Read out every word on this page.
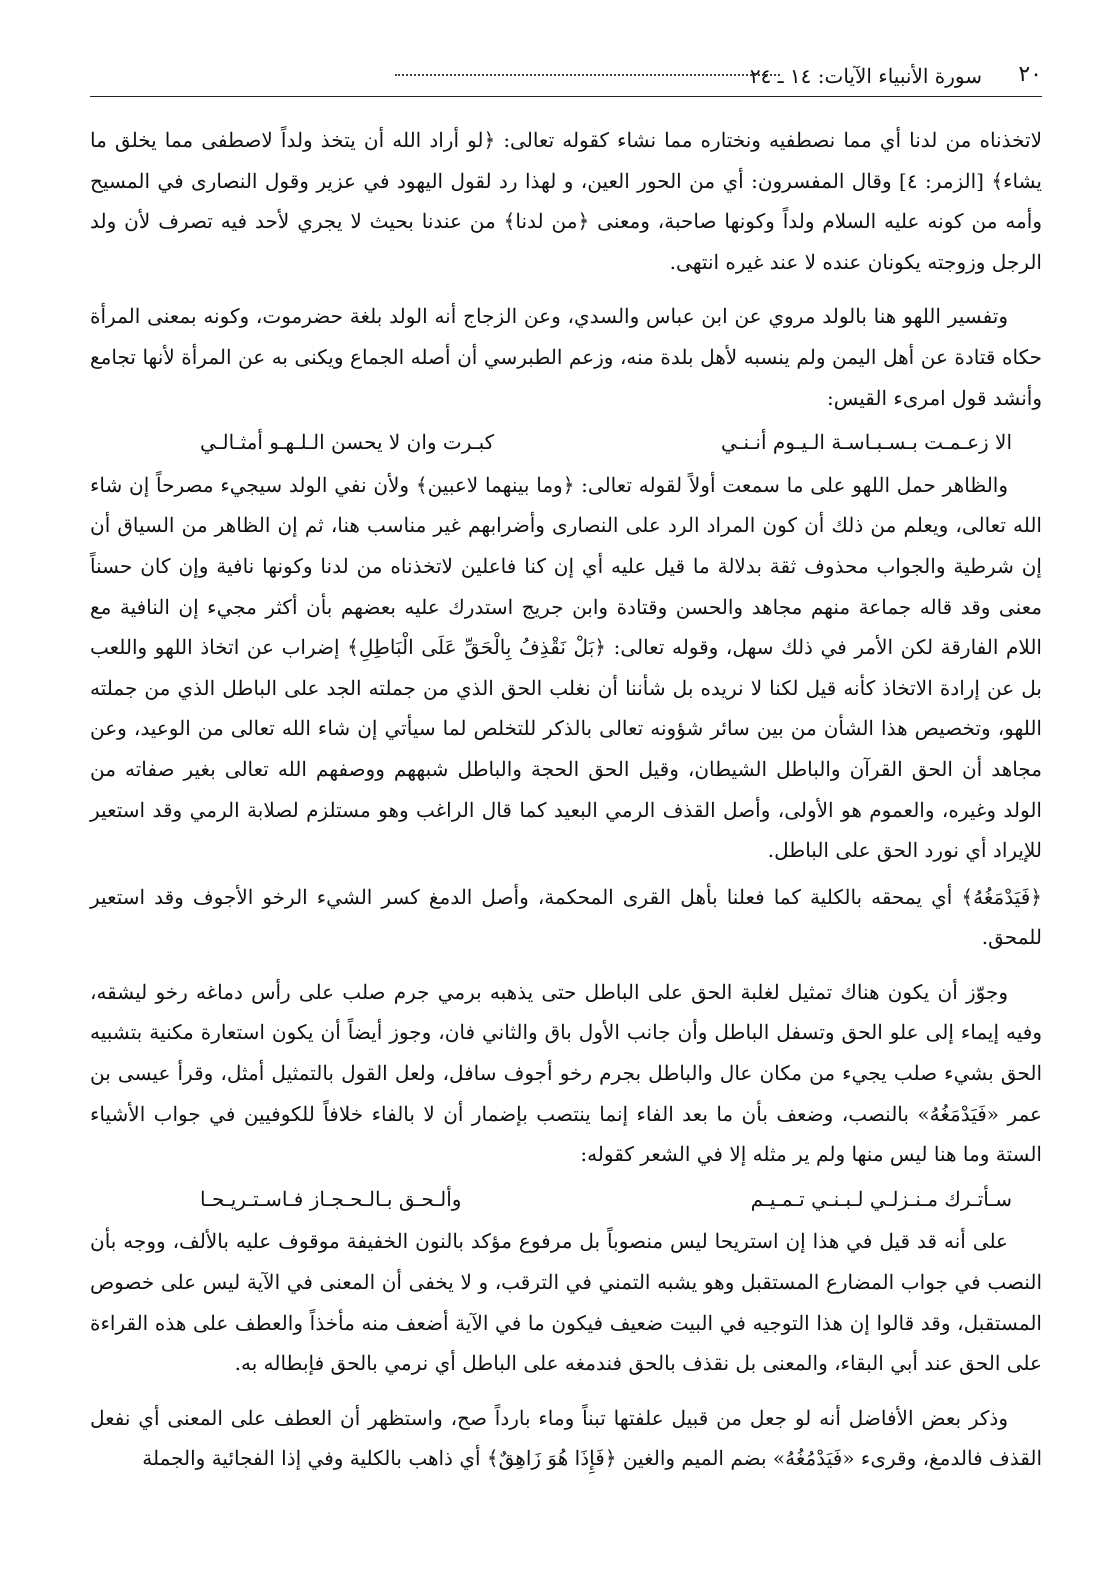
٢٠
سورة الأنبياء الآيات: ١٤ ـ ٢٤

لاتخذناه من لدنا أي مما نصطفيه ونختاره مما نشاء كقوله تعالى: ﴿لو أراد الله أن يتخذ ولداً لاصطفى مما يخلق ما يشاء﴾ [الزمر: ٤] وقال المفسرون: أي من الحور العين، و لهذا رد لقول اليهود في عزير وقول النصارى في المسيح وأمه من كونه عليه السلام ولداً وكونها صاحبة، ومعنى ﴿من لدنا﴾ من عندنا بحيث لا يجري لأحد فيه تصرف لأن ولد الرجل وزوجته يكونان عنده لا عند غيره انتهى.

وتفسير اللهو هنا بالولد مروي عن ابن عباس والسدي، وعن الزجاج أنه الولد بلغة حضرموت، وكونه بمعنى المرأة حكاه قتادة عن أهل اليمن ولم ينسبه لأهل بلدة منه، وزعم الطبرسي أن أصله الجماع ويكنى به عن المرأة لأنها تجامع وأنشد قول امرىء القيس:

الا زعـمـت بـسـبـاسـة الـيـوم أنـنـي
كبـرت وان لا يحسن الـلـهـو أمثـالـي

والظاهر حمل اللهو على ما سمعت أولاً لقوله تعالى: ﴿وما بينهما لاعبين﴾ ولأن نفي الولد سيجيء مصرحاً إن شاء الله تعالى، ويعلم من ذلك أن كون المراد الرد على النصارى وأضرابهم غير مناسب هنا، ثم إن الظاهر من السياق أن إن شرطية والجواب محذوف ثقة بدلالة ما قيل عليه أي إن كنا فاعلين لاتخذناه من لدنا وكونها نافية وإن كان حسناً معنى وقد قاله جماعة منهم مجاهد والحسن وقتادة وابن جريج استدرك عليه بعضهم بأن أكثر مجيء إن النافية مع اللام الفارقة لكن الأمر في ذلك سهل، وقوله تعالى: ﴿بَلْ نَقْذِفُ بِالْحَقِّ عَلَى الْبَاطِلِ﴾ إضراب عن اتخاذ اللهو واللعب بل عن إرادة الاتخاذ كأنه قيل لكنا لا نريده بل شأننا أن نغلب الحق الذي من جملته الجد على الباطل الذي من جملته اللهو، وتخصيص هذا الشأن من بين سائر شؤونه تعالى بالذكر للتخلص لما سيأتي إن شاء الله تعالى من الوعيد، وعن مجاهد أن الحق القرآن والباطل الشيطان، وقيل الحق الحجة والباطل شبههم ووصفهم الله تعالى بغير صفاته من الولد وغيره، والعموم هو الأولى، وأصل القذف الرمي البعيد كما قال الراغب وهو مستلزم لصلابة الرمي وقد استعير للإيراد أي نورد الحق على الباطل.

﴿فَيَدْمَغُهُ﴾ أي يمحقه بالكلية كما فعلنا بأهل القرى المحكمة، وأصل الدمغ كسر الشيء الرخو الأجوف وقد استعير للمحق.

وجوّز أن يكون هناك تمثيل لغلبة الحق على الباطل حتى يذهبه برمي جرم صلب على رأس دماغه رخو ليشقه، وفيه إيماء إلى علو الحق وتسفل الباطل وأن جانب الأول باق والثاني فان، وجوز أيضاً أن يكون استعارة مكنية بتشبيه الحق بشيء صلب يجيء من مكان عال والباطل بجرم رخو أجوف سافل، ولعل القول بالتمثيل أمثل، وقرأ عيسى بن عمر «فَيَدْمَغُهُ» بالنصب، وضعف بأن ما بعد الفاء إنما ينتصب بإضمار أن لا بالفاء خلافاً للكوفيين في جواب الأشياء الستة وما هنا ليس منها ولم ير مثله إلا في الشعر كقوله:

سـأتـرك مـنـزلـي لـبـنـي تـمـيـم
وألـحـق بـالـحـجـاز فـاسـتـريـحـا

على أنه قد قيل في هذا إن استريحا ليس منصوباً بل مرفوع مؤكد بالنون الخفيفة موقوف عليه بالألف، ووجه بأن النصب في جواب المضارع المستقبل وهو يشبه التمني في الترقب، و لا يخفى أن المعنى في الآية ليس على خصوص المستقبل، وقد قالوا إن هذا التوجيه في البيت ضعيف فيكون ما في الآية أضعف منه مأخذاً والعطف على هذه القراءة على الحق عند أبي البقاء، والمعنى بل نقذف بالحق فندمغه على الباطل أي نرمي بالحق فإبطاله به.

وذكر بعض الأفاضل أنه لو جعل من قبيل علفتها تبناً وماء بارداً صح، واستظهر أن العطف على المعنى أي نفعل القذف فالدمغ، وقرىء «فَيَدْمُغُهُ» بضم الميم والغين ﴿فَإِذَا هُوَ زَاهِقٌ﴾ أي ذاهب بالكلية وفي إذا الفجائية والجملة
